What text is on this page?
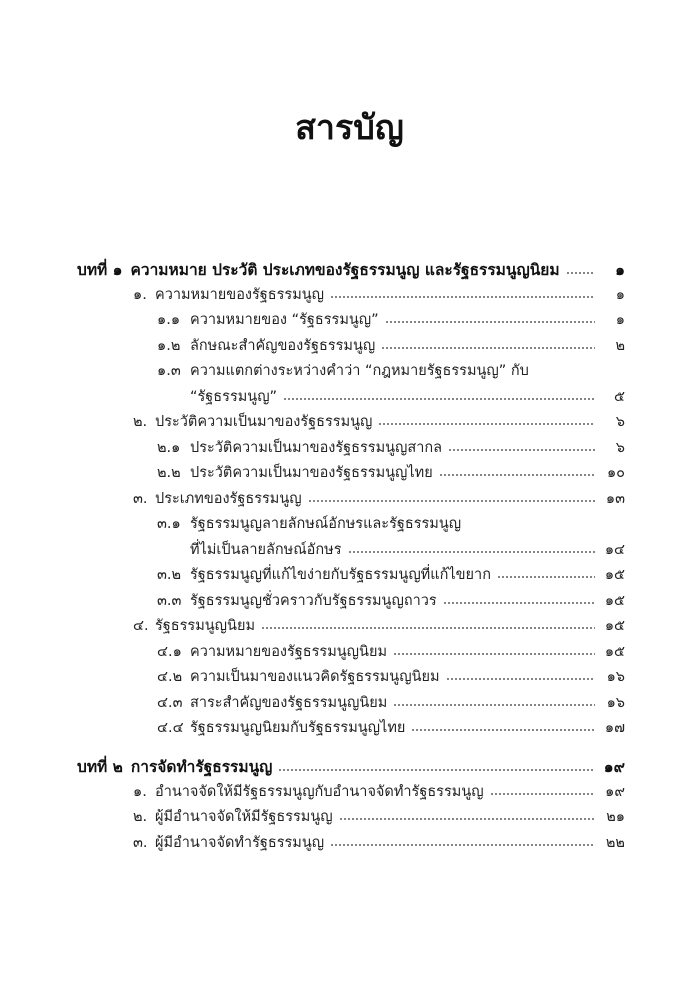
สารบัญ
บทที่ ๑ ความหมาย ประวัติ ประเภทของรัฐธรรมนูญ และรัฐธรรมนูญนิยม	๑
๑. ความหมายของรัฐธรรมนูญ	๑
๑.๑ ความหมายของ “รัฐธรรมนูญ”	๑
๑.๒ ลักษณะสำคัญของรัฐธรรมนูญ	๒
๑.๓ ความแตกต่างระหว่างคำว่า “กฎหมายรัฐธรรมนูญ” กับ
“รัฐธรรมนูญ”	๕
๒. ประวัติความเป็นมาของรัฐธรรมนูญ	๖
๒.๑ ประวัติความเป็นมาของรัฐธรรมนูญสากล	๖
๒.๒ ประวัติความเป็นมาของรัฐธรรมนูญไทย	๑๐
๓. ประเภทของรัฐธรรมนูญ	๑๓
๓.๑ รัฐธรรมนูญลายลักษณ์อักษรและรัฐธรรมนูญ
ที่ไม่เป็นลายลักษณ์อักษร	๑๔
๓.๒ รัฐธรรมนูญที่แก้ไขง่ายกับรัฐธรรมนูญที่แก้ไขยาก	๑๕
๓.๓ รัฐธรรมนูญชั่วคราวกับรัฐธรรมนูญถาวร	๑๕
๔. รัฐธรรมนูญนิยม	๑๕
๔.๑ ความหมายของรัฐธรรมนูญนิยม	๑๕
๔.๒ ความเป็นมาของแนวคิดรัฐธรรมนูญนิยม	๑๖
๔.๓ สาระสำคัญของรัฐธรรมนูญนิยม	๑๖
๔.๔ รัฐธรรมนูญนิยมกับรัฐธรรมนูญไทย	๑๗
บทที่ ๒ การจัดทำรัฐธรรมนูญ	๑๙
๑. อำนาจจัดให้มีรัฐธรรมนูญกับอำนาจจัดทำรัฐธรรมนูญ	๑๙
๒. ผู้มีอำนาจจัดให้มีรัฐธรรมนูญ	๒๑
๓. ผู้มีอำนาจจัดทำรัฐธรรมนูญ	๒๒
